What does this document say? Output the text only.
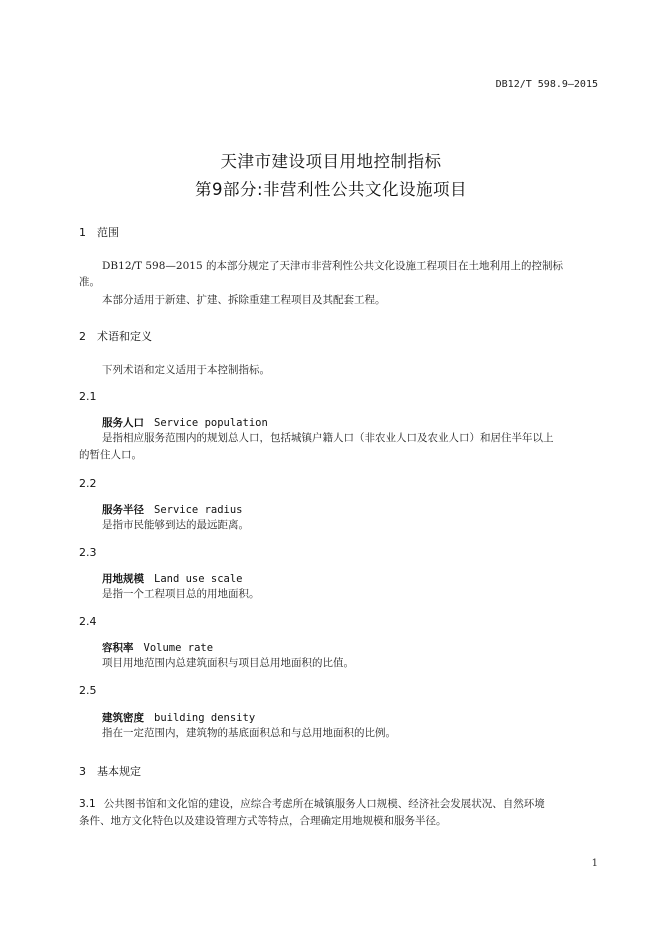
DB12/T 598.9—2015
天津市建设项目用地控制指标
第9部分:非营利性公共文化设施项目
1 范围
DB12/T 598—2015 的本部分规定了天津市非营利性公共文化设施工程项目在土地利用上的控制标
准。
本部分适用于新建、扩建、拆除重建工程项目及其配套工程。
2 术语和定义
下列术语和定义适用于本控制指标。
2.1
服务人口 Service population
是指相应服务范围内的规划总人口，包括城镇户籍人口（非农业人口及农业人口）和居住半年以上
的暂住人口。
2.2
服务半径 Service radius
是指市民能够到达的最远距离。
2.3
用地规模 Land use scale
是指一个工程项目总的用地面积。
2.4
容积率 Volume rate
项目用地范围内总建筑面积与项目总用地面积的比值。
2.5
建筑密度 building density
指在一定范围内，建筑物的基底面积总和与总用地面积的比例。
3 基本规定
3.1 公共图书馆和文化馆的建设，应综合考虑所在城镇服务人口规模、经济社会发展状况、自然环境
条件、地方文化特色以及建设管理方式等特点，合理确定用地规模和服务半径。
1
